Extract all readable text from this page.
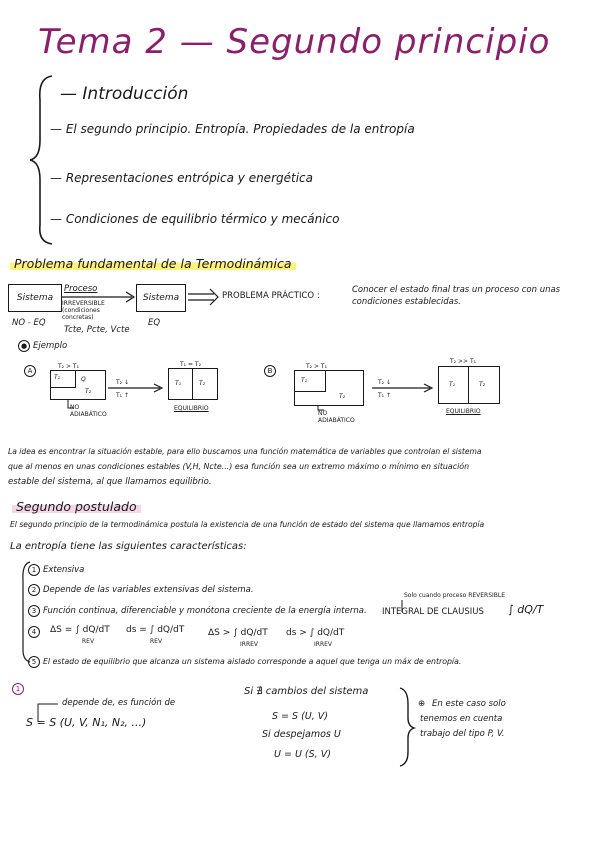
Tema 2 — Segundo principio
— Introducción
— El segundo principio. Entropía. Propiedades de la entropía
— Representaciones entrópica y energética
— Condiciones de equilibrio térmico y mecánico
Problema fundamental de la Termodinámica
Sistema
Proceso
IRREVERSIBLE (condiciones concretas)
Sistema
NO - EQ
Tcte, Pcte, Vcte
EQ
PROBLEMA PRÁCTICO :
Conocer el estado final tras un proceso con unas
condiciones establecidas.
● Ejemplo
A
T₂ > T₁
T₁	Q
T₂
T₂ ↓
T₁ ↑
NO ADIABÁTICO
T₁ = T₂
T₁	T₂
EQUILIBRIO
B
T₂ > T₁
T₁
T₂
T₂ ↓
T₁ ↑
NO ADIABÁTICO
T₂ >> T₁
T₁	T₂
EQUILIBRIO
La idea es encontrar la situación estable, para ello buscamos una función matemática de variables que controlan el sistema
que al menos en unas condiciones estables (V,H, Ncte...) esa función sea un extremo máximo o mínimo en situación
estable del sistema, al que llamamos equilibrio.
Segundo postulado
El segundo principio de la termodinámica postula la existencia de una función de estado del sistema que llamamos entropía
La entropía tiene las siguientes características:
1 Extensiva
2 Depende de las variables extensivas del sistema.
Solo cuando proceso REVERSIBLE
3 Función continua, diferenciable y monótona creciente de la energía interna. INTEGRAL DE CLAUSIUS ∫ dQ/T
4	ΔS = ∫ dQ/dT
REV
ds = ∫ dQ/dT
REV
ΔS > ∫ dQ/dT
IRREV
ds > ∫ dQ/dT
IRREV
5 El estado de equilibrio que alcanza un sistema aislado corresponde a aquel que tenga un máx de entropía.
1
depende de, es función de
S = S (U, V, N₁, N₂, ...)
Si ∄ cambios del sistema
S = S (U, V)
Si despejamos U
U = U (S, V)
⊕ En este caso solo
tenemos en cuenta
trabajo del tipo P, V.
